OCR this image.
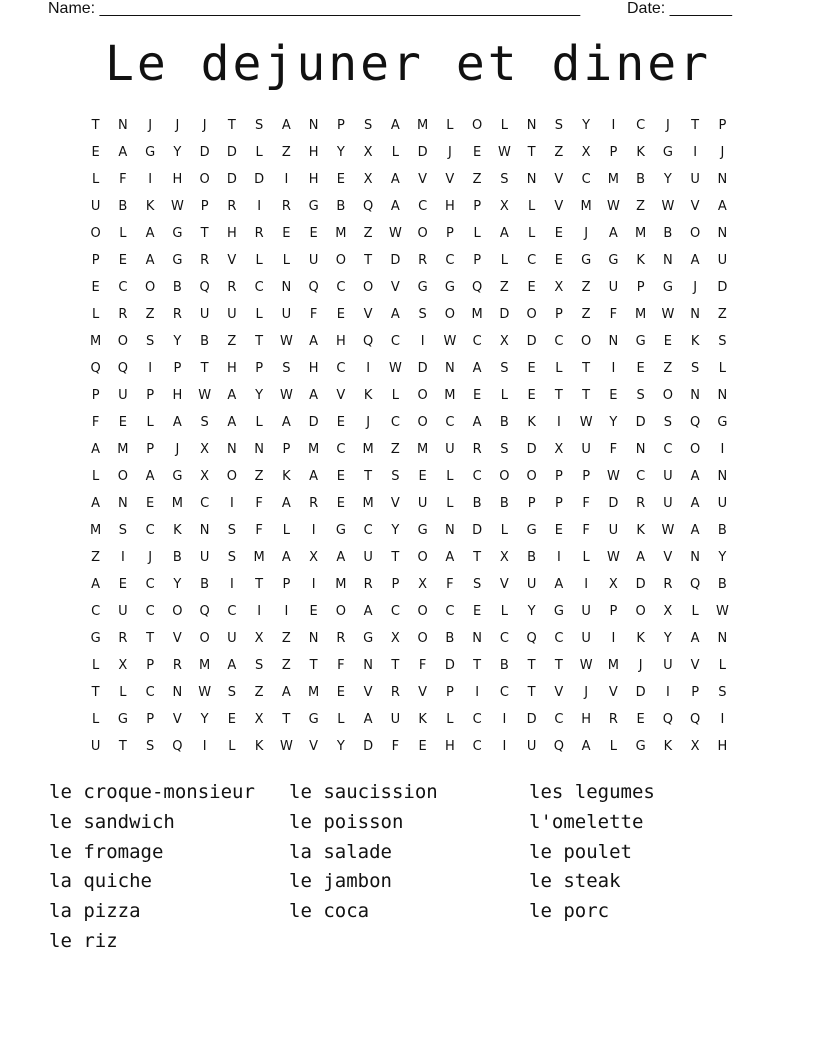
Name: ______________________________________________________	Date: _______
Le dejuner et diner
T	N	J	J	J	T	S	A	N	P	S	A	M	L	O	L	N	S	Y	I	C	J	T	P
E	A	G	Y	D	D	L	Z	H	Y	X	L	D	J	E	W	T	Z	X	P	K	G	I	J
L	F	I	H	O	D	D	I	H	E	X	A	V	V	Z	S	N	V	C	M	B	Y	U	N
U	B	K	W	P	R	I	R	G	B	Q	A	C	H	P	X	L	V	M	W	Z	W	V	A
O	L	A	G	T	H	R	E	E	M	Z	W	O	P	L	A	L	E	J	A	M	B	O	N
P	E	A	G	R	V	L	L	U	O	T	D	R	C	P	L	C	E	G	G	K	N	A	U
E	C	O	B	Q	R	C	N	Q	C	O	V	G	G	Q	Z	E	X	Z	U	P	G	J	D
L	R	Z	R	U	U	L	U	F	E	V	A	S	O	M	D	O	P	Z	F	M	W	N	Z
M	O	S	Y	B	Z	T	W	A	H	Q	C	I	W	C	X	D	C	O	N	G	E	K	S
Q	Q	I	P	T	H	P	S	H	C	I	W	D	N	A	S	E	L	T	I	E	Z	S	L
P	U	P	H	W	A	Y	W	A	V	K	L	O	M	E	L	E	T	T	E	S	O	N	N
F	E	L	A	S	A	L	A	D	E	J	C	O	C	A	B	K	I	W	Y	D	S	Q	G
A	M	P	J	X	N	N	P	M	C	M	Z	M	U	R	S	D	X	U	F	N	C	O	I
L	O	A	G	X	O	Z	K	A	E	T	S	E	L	C	O	O	P	P	W	C	U	A	N
A	N	E	M	C	I	F	A	R	E	M	V	U	L	B	B	P	P	F	D	R	U	A	U
M	S	C	K	N	S	F	L	I	G	C	Y	G	N	D	L	G	E	F	U	K	W	A	B
Z	I	J	B	U	S	M	A	X	A	U	T	O	A	T	X	B	I	L	W	A	V	N	Y
A	E	C	Y	B	I	T	P	I	M	R	P	X	F	S	V	U	A	I	X	D	R	Q	B
C	U	C	O	Q	C	I	I	E	O	A	C	O	C	E	L	Y	G	U	P	O	X	L	W
G	R	T	V	O	U	X	Z	N	R	G	X	O	B	N	C	Q	C	U	I	K	Y	A	N
L	X	P	R	M	A	S	Z	T	F	N	T	F	D	T	B	T	T	W	M	J	U	V	L
T	L	C	N	W	S	Z	A	M	E	V	R	V	P	I	C	T	V	J	V	D	I	P	S
L	G	P	V	Y	E	X	T	G	L	A	U	K	L	C	I	D	C	H	R	E	Q	Q	I
U	T	S	Q	I	L	K	W	V	Y	D	F	E	H	C	I	U	Q	A	L	G	K	X	H
le croque-monsieur	le saucission	les legumes
le sandwich	le poisson	l'omelette
le fromage	la salade	le poulet
la quiche	le jambon	le steak
la pizza	le coca	le porc
le riz
